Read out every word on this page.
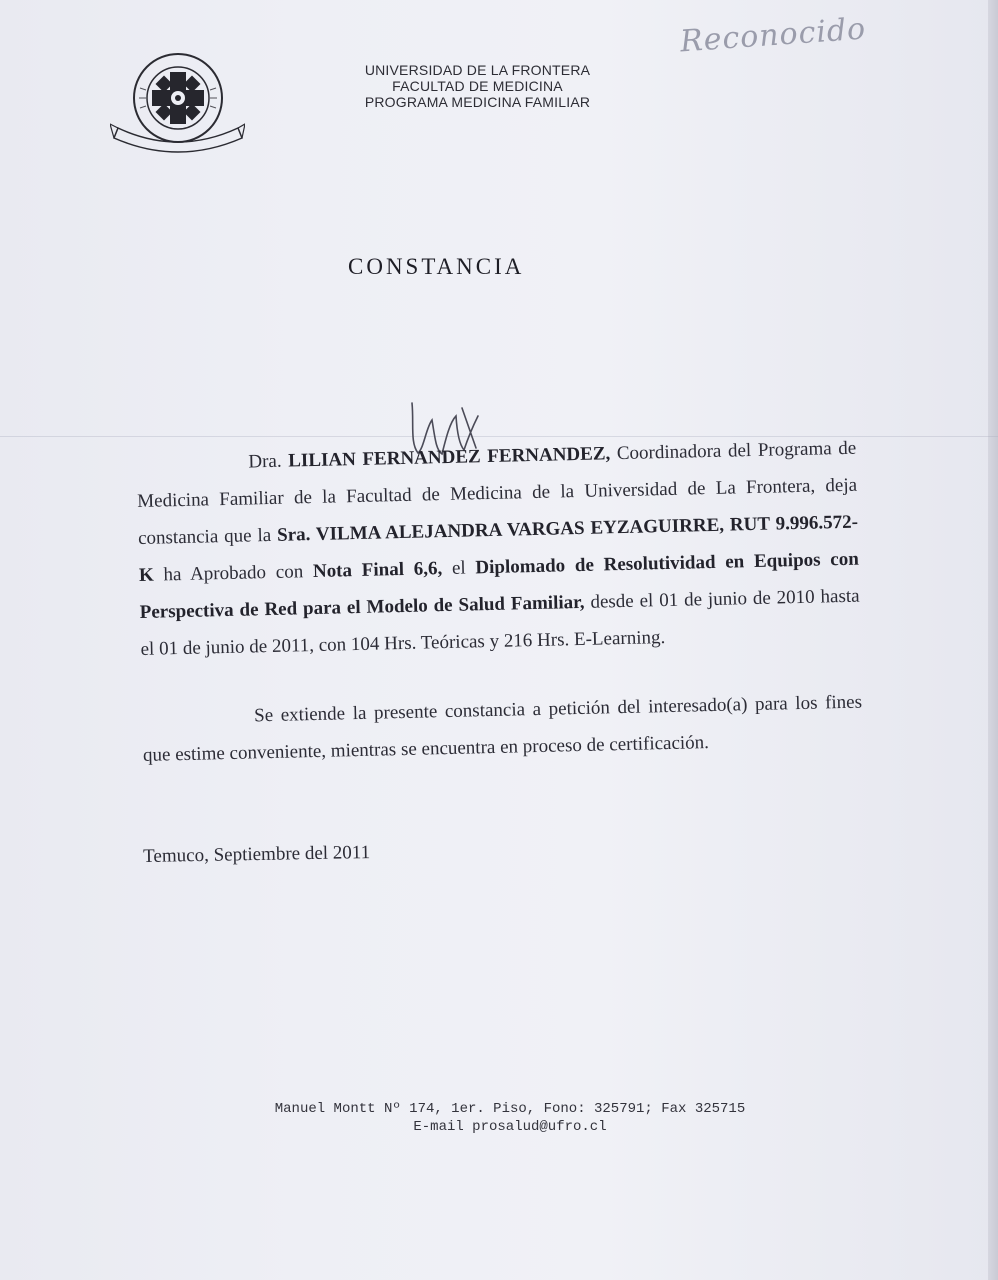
UNIVERSIDAD DE LA FRONTERA
FACULTAD DE MEDICINA
PROGRAMA MEDICINA FAMILIAR
Reconocido
CONSTANCIA

Dra. LILIAN FERNANDEZ FERNANDEZ, Coordinadora del Programa de Medicina Familiar de la Facultad de Medicina de la Universidad de La Frontera, deja constancia que la Sra. VILMA ALEJANDRA VARGAS EYZAGUIRRE, RUT 9.996.572-K ha Aprobado con Nota Final 6,6, el Diplomado de Resolutividad en Equipos con Perspectiva de Red para el Modelo de Salud Familiar, desde el 01 de junio de 2010 hasta el 01 de junio de 2011, con 104 Hrs. Teóricas y 216 Hrs. E-Learning.

Se extiende la presente constancia a petición del interesado(a) para los fines que estime conveniente, mientras se encuentra en proceso de certificación.

Temuco, Septiembre del 2011
Manuel Montt Nº 174, 1er. Piso, Fono: 325791; Fax 325715
E-mail prosalud@ufro.cl
